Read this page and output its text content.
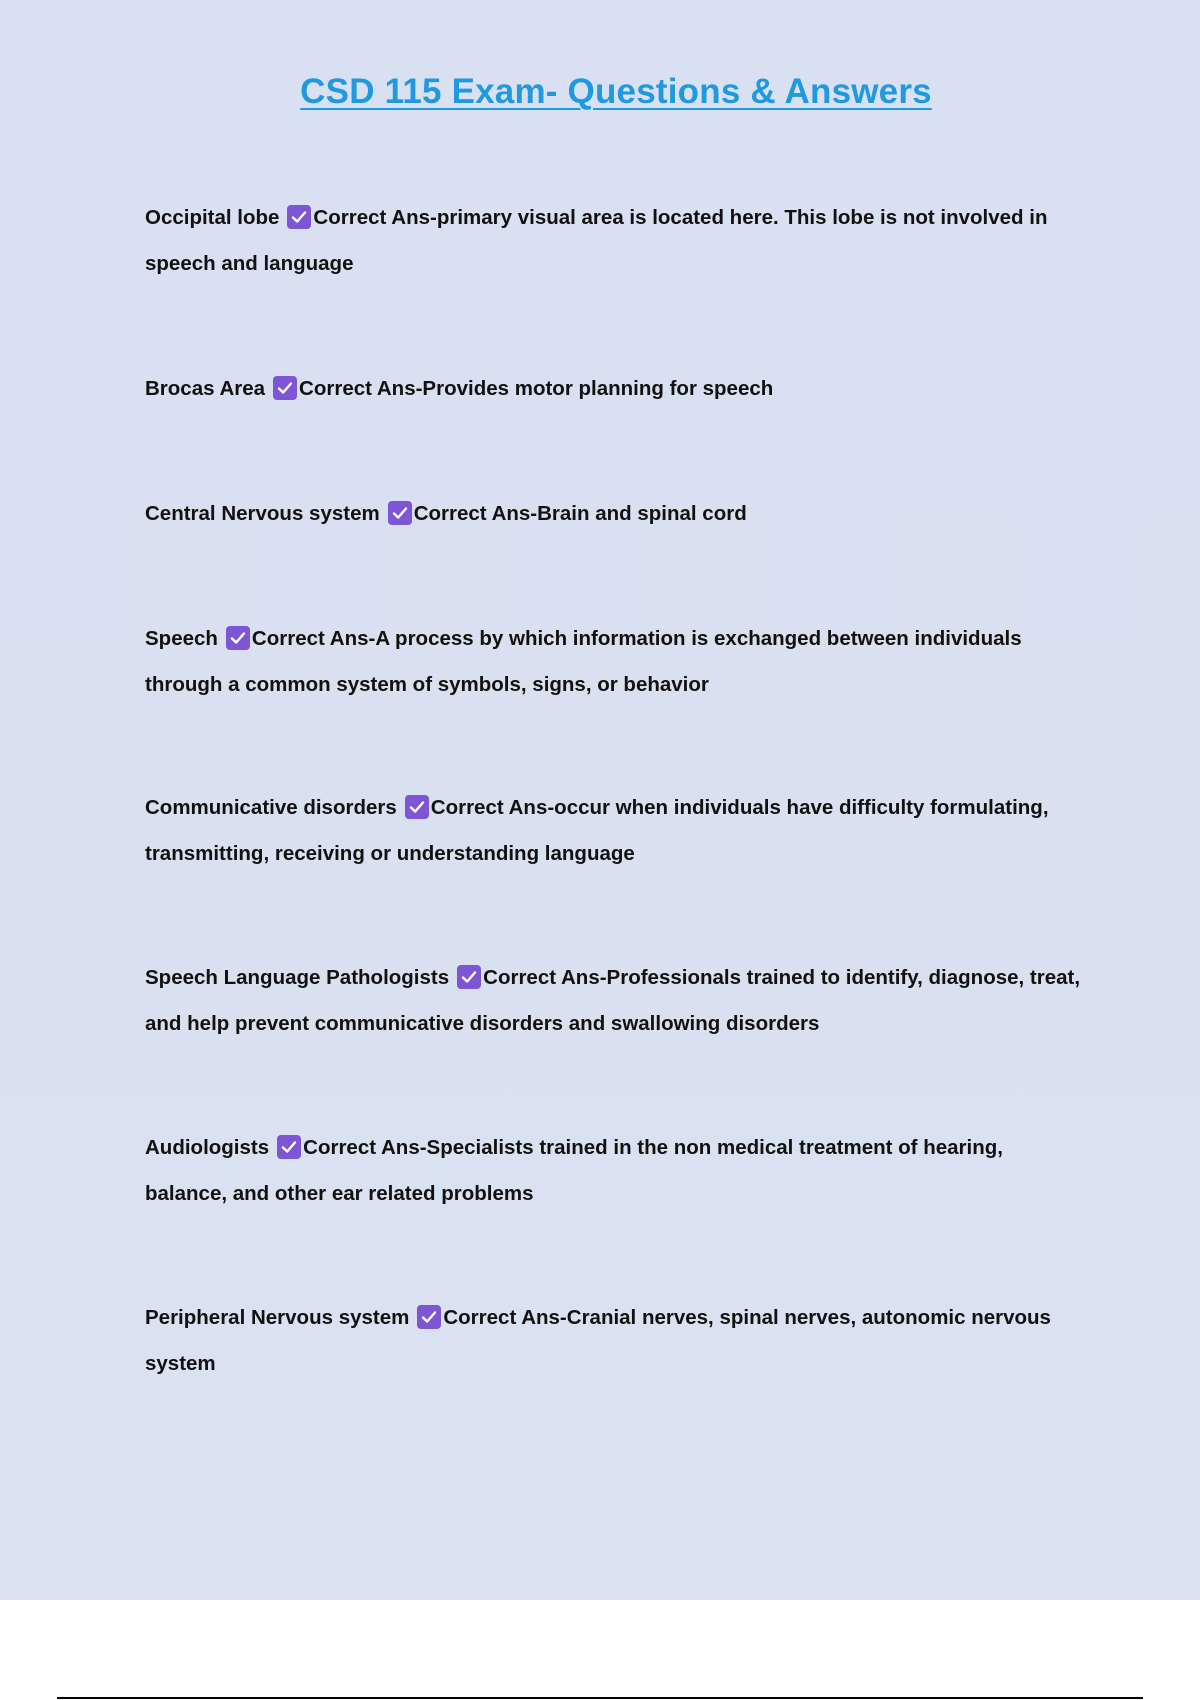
CSD 115 Exam- Questions & Answers
Occipital lobe Correct Ans-primary visual area is located here. This lobe is not involved in speech and language
Brocas Area Correct Ans-Provides motor planning for speech
Central Nervous system Correct Ans-Brain and spinal cord
Speech Correct Ans-A process by which information is exchanged between individuals through a common system of symbols, signs, or behavior
Communicative disorders Correct Ans-occur when individuals have difficulty formulating, transmitting, receiving or understanding language
Speech Language Pathologists Correct Ans-Professionals trained to identify, diagnose, treat, and help prevent communicative disorders and swallowing disorders
Audiologists Correct Ans-Specialists trained in the non medical treatment of hearing, balance, and other ear related problems
Peripheral Nervous system Correct Ans-Cranial nerves, spinal nerves, autonomic nervous system
